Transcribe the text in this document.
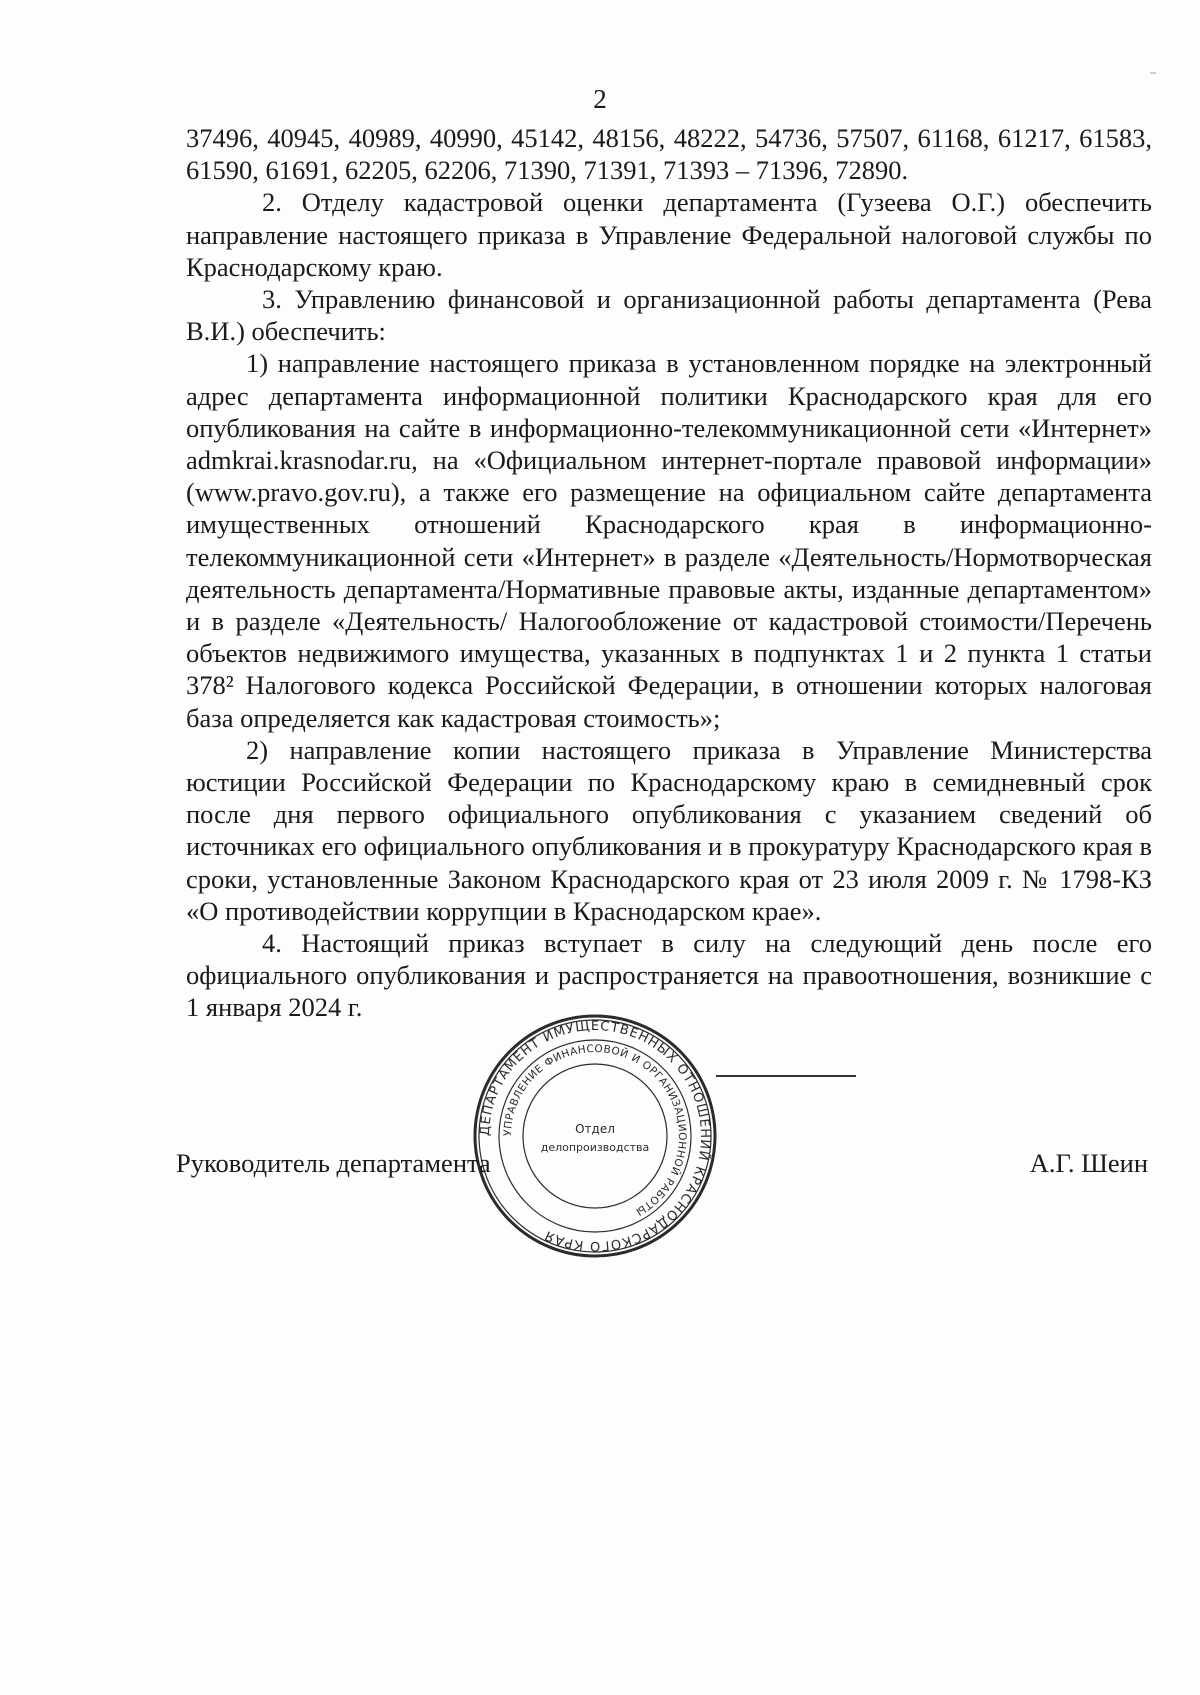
2

37496, 40945, 40989, 40990, 45142, 48156, 48222, 54736, 57507, 61168, 61217, 61583, 61590, 61691, 62205, 62206, 71390, 71391, 71393 – 71396, 72890.

2. Отделу кадастровой оценки департамента (Гузеева О.Г.) обеспечить направление настоящего приказа в Управление Федеральной налоговой службы по Краснодарскому краю.

3. Управлению финансовой и организационной работы департамента (Рева В.И.) обеспечить:

1) направление настоящего приказа в установленном порядке на электронный адрес департамента информационной политики Краснодарского края для его опубликования на сайте в информационно-телекоммуникационной сети «Интернет» admkrai.krasnodar.ru, на «Официальном интернет-портале правовой информации» (www.pravo.gov.ru), а также его размещение на официальном сайте департамента имущественных отношений Краснодарского края в информационно-телекоммуникационной сети «Интернет» в разделе «Деятельность/Нормотворческая деятельность департамента/Нормативные правовые акты, изданные департаментом» и в разделе «Деятельность/ Налогообложение от кадастровой стоимости/Перечень объектов недвижимого имущества, указанных в подпунктах 1 и 2 пункта 1 статьи 378² Налогового кодекса Российской Федерации, в отношении которых налоговая база определяется как кадастровая стоимость»;

2) направление копии настоящего приказа в Управление Министерства юстиции Российской Федерации по Краснодарскому краю в семидневный срок после дня первого официального опубликования с указанием сведений об источниках его официального опубликования и в прокуратуру Краснодарского края в сроки, установленные Законом Краснодарского края от 23 июля 2009 г. № 1798-КЗ «О противодействии коррупции в Краснодарском крае».

4. Настоящий приказ вступает в силу на следующий день после его официального опубликования и распространяется на правоотношения, возникшие с 1 января 2024 г.

ДЕПАРТАМЕНТ ИМУЩЕСТВЕННЫХ ОТНОШЕНИЙ КРАСНОДАРСКОГО КРАЯ
УПРАВЛЕНИЕ ФИНАНСОВОЙ И ОРГАНИЗАЦИОННОЙ РАБОТЫ
Отдел
делопроизводства
Руководитель департамента	А.Г. Шеин
